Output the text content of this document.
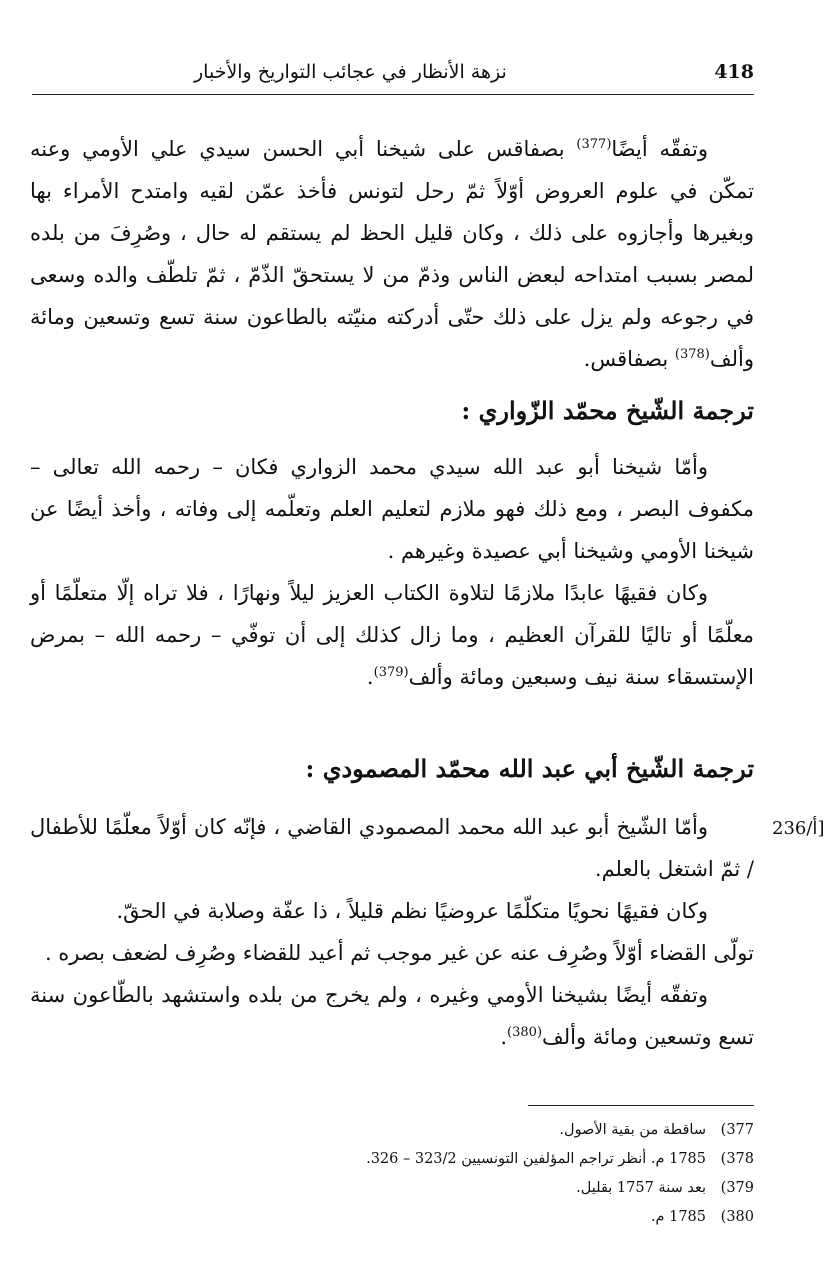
نزهة الأنظار في عجائب التواريخ والأخبار	418

وتفقّه أيضًا$^{(377)}$ بصفاقس على شيخنا أبي الحسن سيدي علي الأومي وعنه تمكّن في علوم العروض أوّلاً ثمّ رحل لتونس فأخذ عمّن لقيه وامتدح الأمراء بها وبغيرها وأجازوه على ذلك ، وكان قليل الحظ لم يستقم له حال ، وصُرِفَ من بلده لمصر بسبب امتداحه لبعض الناس وذمّ من لا يستحقّ الذّمّ ، ثمّ تلطّف والده وسعى في رجوعه ولم يزل على ذلك حتّى أدركته منيّته بالطاعون سنة تسع وتسعين ومائة وألف$^{(378)}$ بصفاقس.

ترجمة الشّيخ محمّد الزّواري :

وأمّا شيخنا أبو عبد الله سيدي محمد الزواري فكان – رحمه الله تعالى – مكفوف البصر ، ومع ذلك فهو ملازم لتعليم العلم وتعلّمه إلى وفاته ، وأخذ أيضًا عن شيخنا الأومي وشيخنا أبي عصيدة وغيرهم .

وكان فقيهًا عابدًا ملازمًا لتلاوة الكتاب العزيز ليلاً ونهارًا ، فلا تراه إلّا متعلّمًا أو معلّمًا أو تاليًا للقرآن العظيم ، وما زال كذلك إلى أن توفّي – رحمه الله – بمرض الإستسقاء سنة نيف وسبعين ومائة وألف$^{(379)}$.

ترجمة الشّيخ أبي عبد الله محمّد المصمودي :

236/أ]

وأمّا الشّيخ أبو عبد الله محمد المصمودي القاضي ، فإنّه كان أوّلاً معلّمًا للأطفال / ثمّ اشتغل بالعلم.

وكان فقيهًا نحويًا متكلّمًا عروضيًا نظم قليلاً ، ذا عفّة وصلابة في الحقّ.

تولّى القضاء أوّلاً وصُرِف عنه عن غير موجب ثم أعيد للقضاء وصُرِف لضعف بصره .

وتفقّه أيضًا بشيخنا الأومي وغيره ، ولم يخرج من بلده واستشهد بالطّاعون سنة تسع وتسعين ومائة وألف$^{(380)}$.

377)
ساقطة من بقية الأصول.
378)
1785 م. أنظر تراجم المؤلفين التونسيين 323/2 – 326.
379)
بعد سنة 1757 بقليل.
380)
1785 م.
